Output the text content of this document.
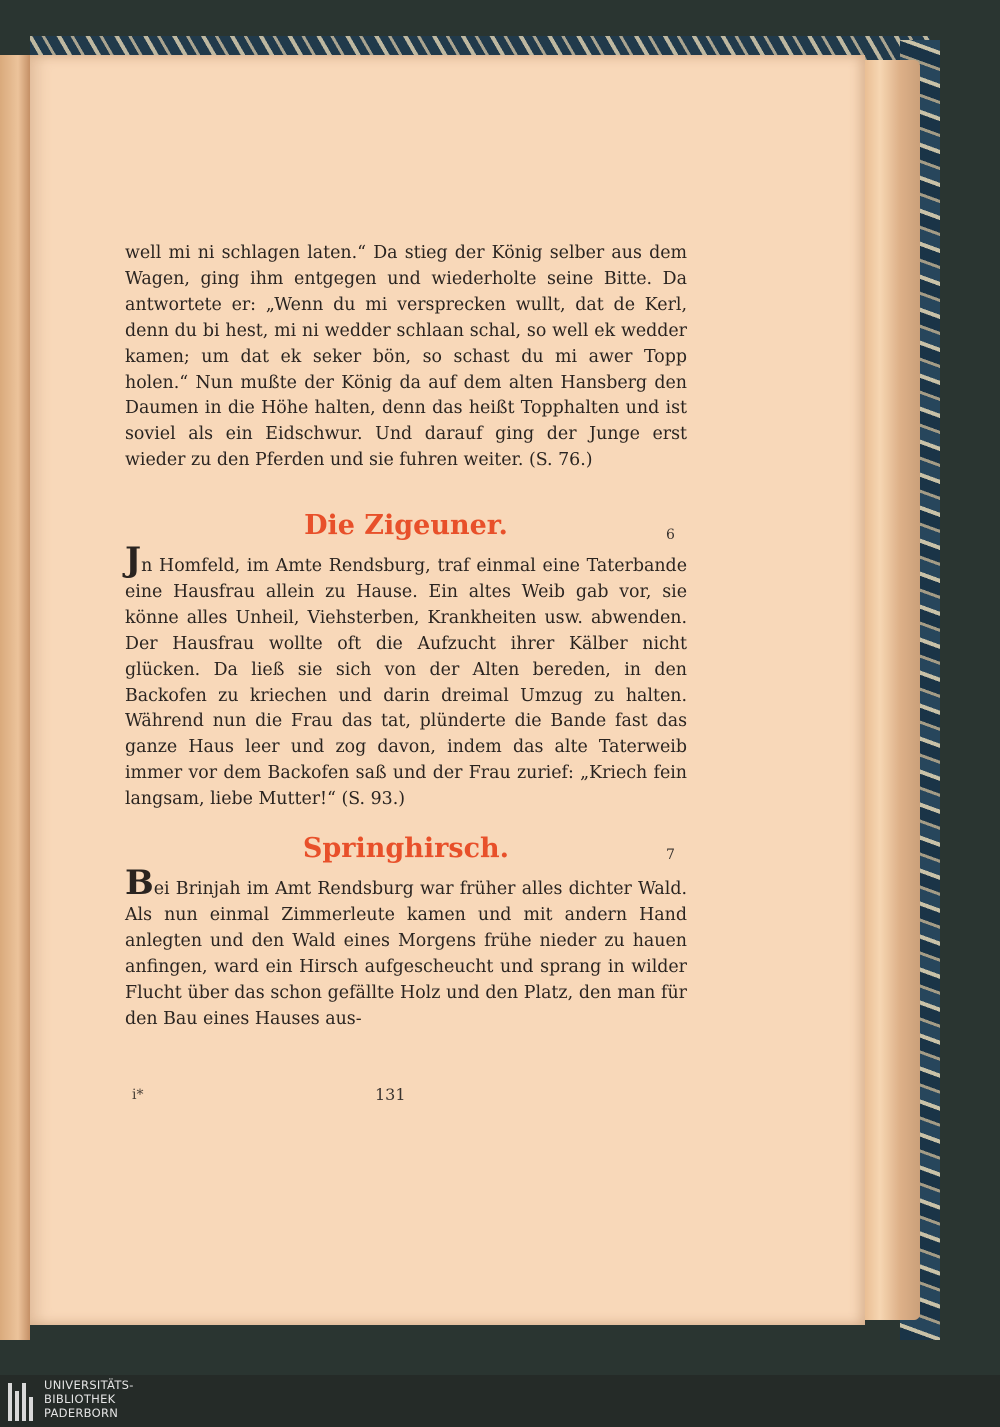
well mi ni schlagen laten.“ Da stieg der König selber aus dem Wagen, ging ihm entgegen und wiederholte seine Bitte. Da antwortete er: „Wenn du mi versprecken wullt, dat de Kerl, denn du bi hest, mi ni wedder schlaan schal, so well ek wedder kamen; um dat ek seker bön, so schast du mi awer Topp holen.“ Nun mußte der König da auf dem alten Hansberg den Daumen in die Höhe halten, denn das heißt Topphalten und ist soviel als ein Eidschwur. Und darauf ging der Junge erst wieder zu den Pferden und sie fuhren weiter. (S. 76.)

Die Zigeuner.	6

Jn Homfeld, im Amte Rendsburg, traf einmal eine Taterbande eine Hausfrau allein zu Hause. Ein altes Weib gab vor, sie könne alles Unheil, Viehsterben, Krankheiten usw. abwenden. Der Hausfrau wollte oft die Aufzucht ihrer Kälber nicht glücken. Da ließ sie sich von der Alten bereden, in den Backofen zu kriechen und darin dreimal Umzug zu halten. Während nun die Frau das tat, plünderte die Bande fast das ganze Haus leer und zog davon, indem das alte Taterweib immer vor dem Backofen saß und der Frau zurief: „Kriech fein langsam, liebe Mutter!“ (S. 93.)

Springhirsch.	7

Bei Brinjah im Amt Rendsburg war früher alles dichter Wald. Als nun einmal Zimmerleute kamen und mit andern Hand anlegten und den Wald eines Morgens frühe nieder zu hauen anfingen, ward ein Hirsch aufgescheucht und sprang in wilder Flucht über das schon gefällte Holz und den Platz, den man für den Bau eines Hauses aus-

i*	131
UNIVERSITÄTS-
BIBLIOTHEK
PADERBORN
